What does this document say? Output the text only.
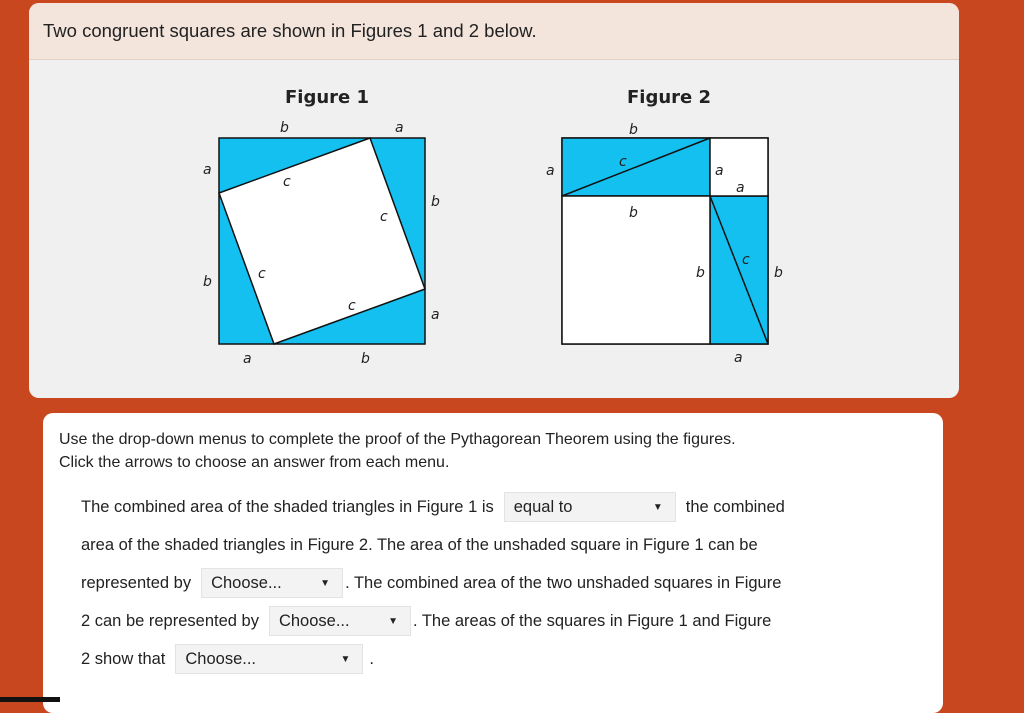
Two congruent squares are shown in Figures 1 and 2 below.
b	a
a
b
b
a
a	b
c
c
c
c
b
a
c
a
a
b
b
c
b
a
Figure 1	Figure 2
Use the drop-down menus to complete the proof of the Pythagorean Theorem using the figures.
Click the arrows to choose an answer from each menu.
The combined area of the shaded triangles in Figure 1 is equal to	▼ the combined
area of the shaded triangles in Figure 2. The area of the unshaded square in Figure 1 can be
represented by Choose...	▼ . The combined area of the two unshaded squares in Figure
2 can be represented by Choose...	▼ . The areas of the squares in Figure 1 and Figure
2 show that Choose...	▼ .
